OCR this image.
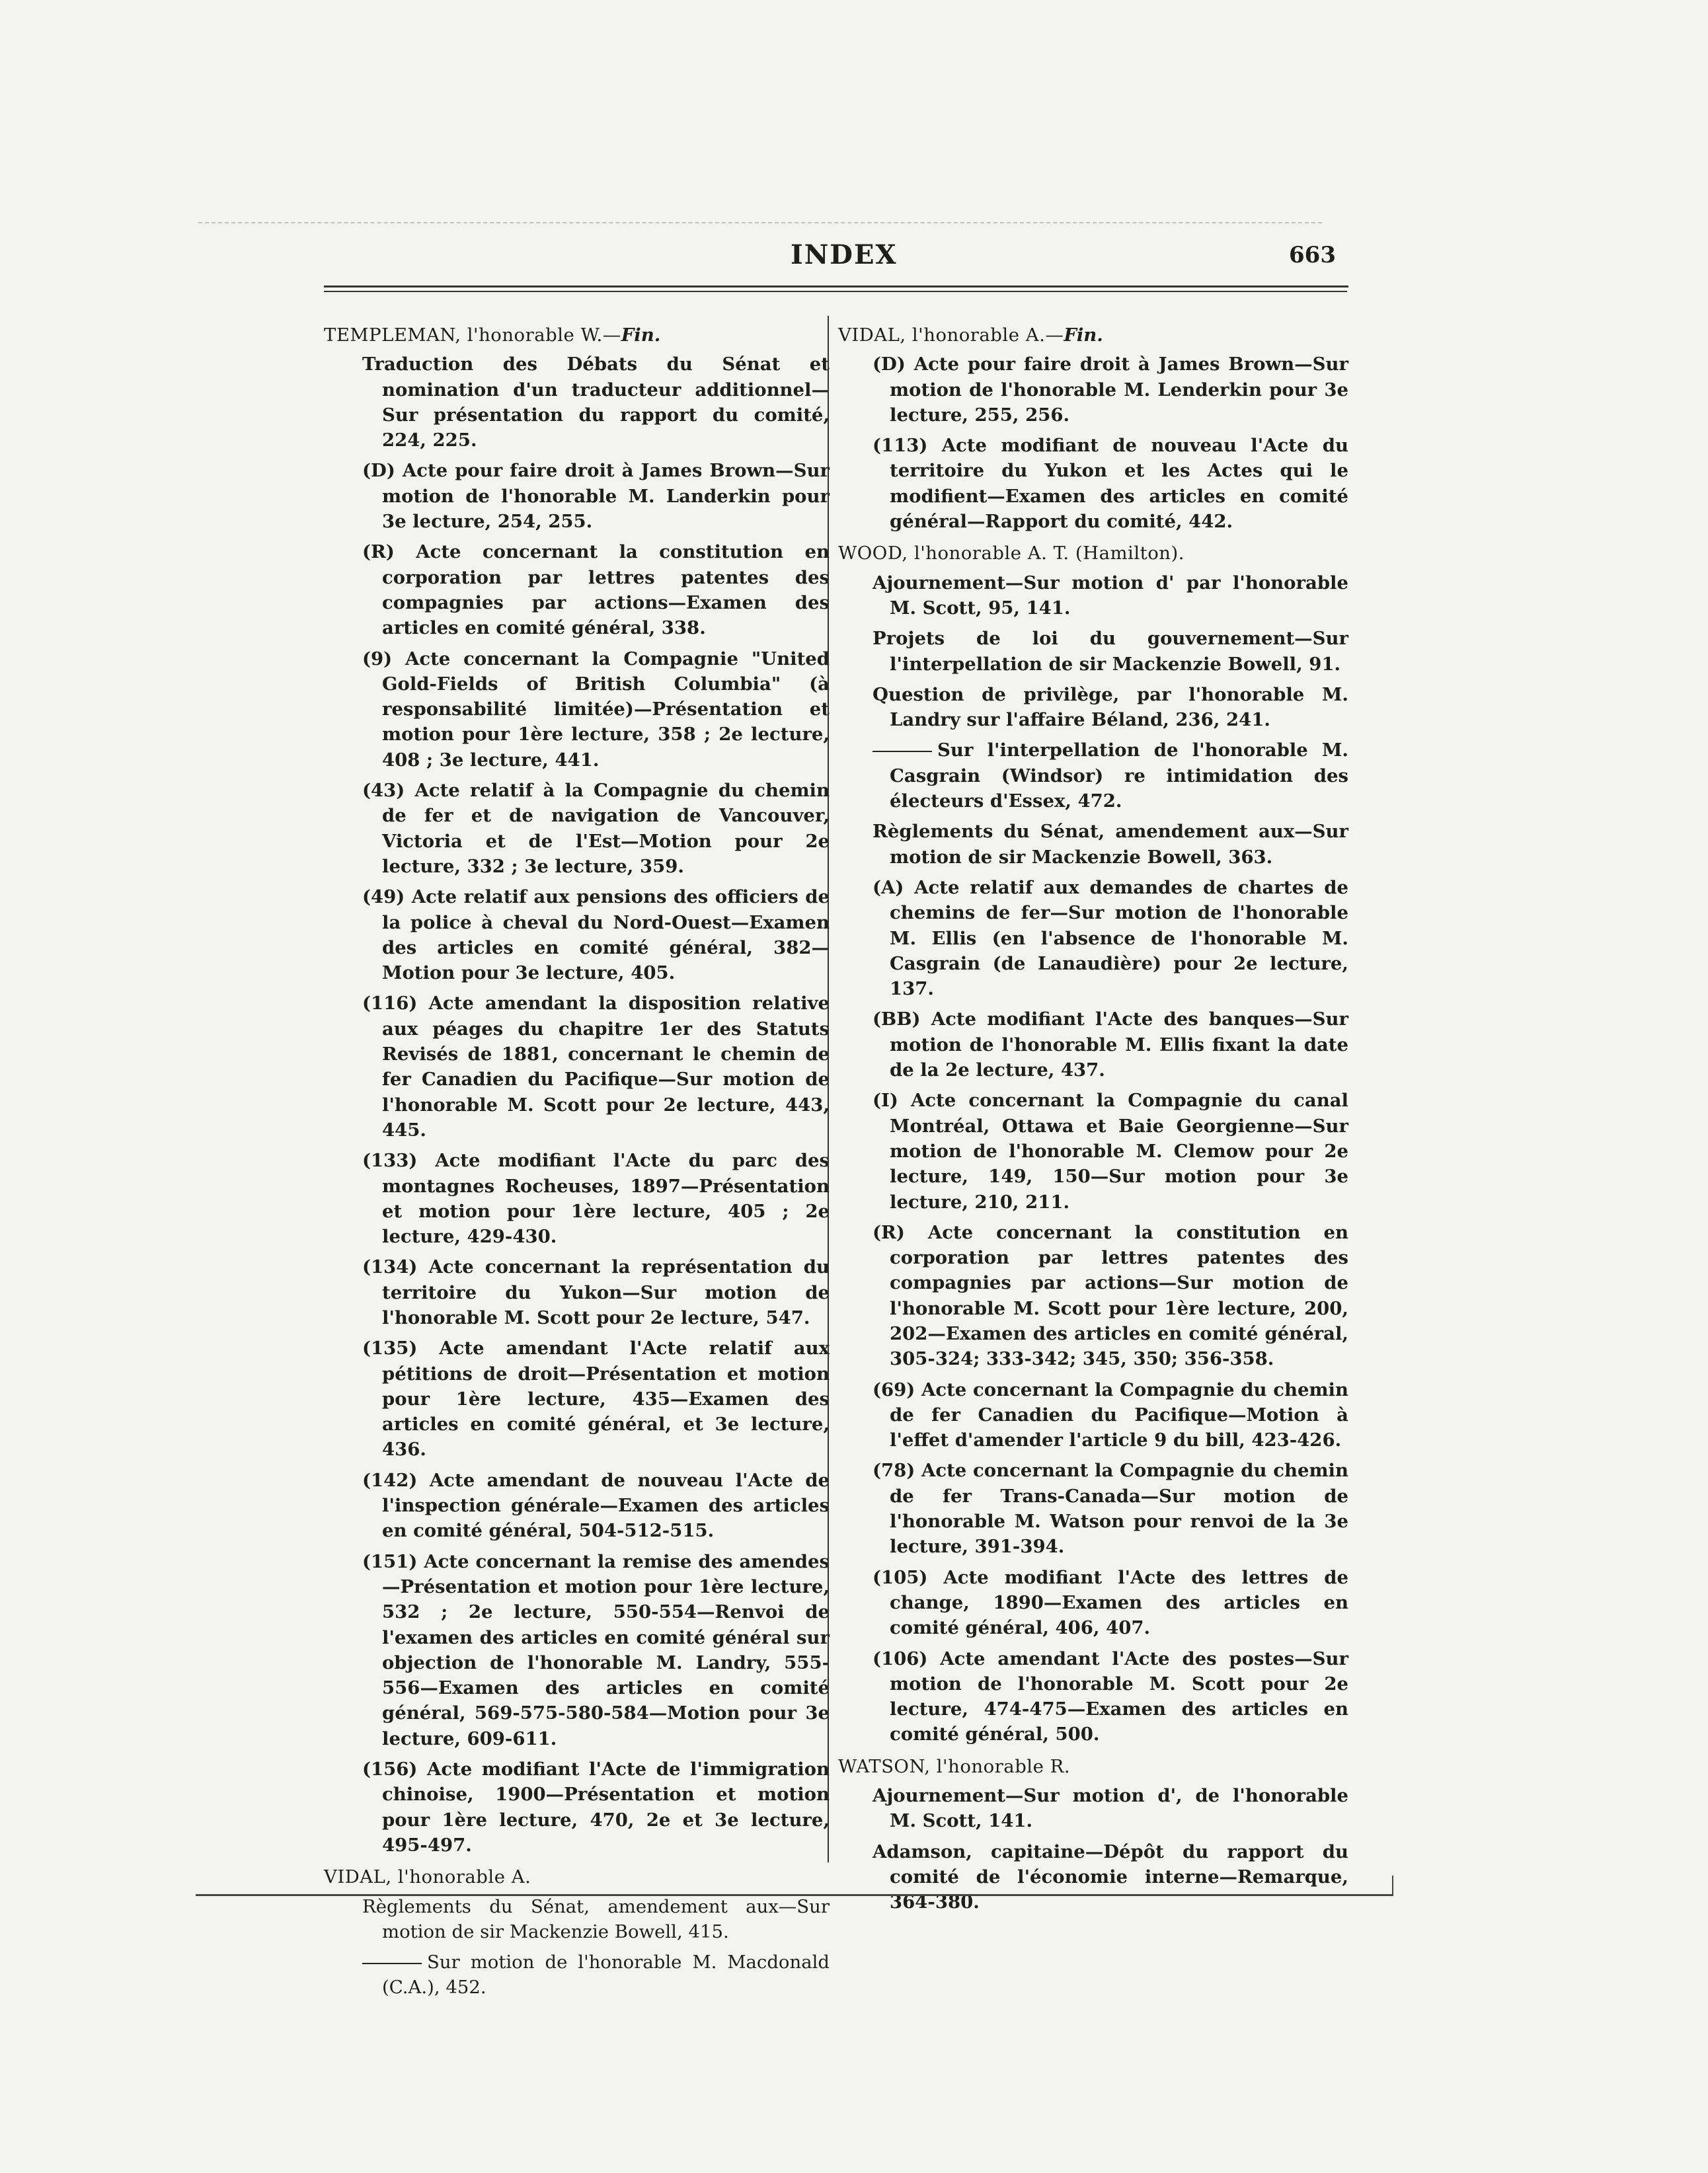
INDEX	663
TEMPLEMAN, l'honorable W.—Fin.
Traduction des Débats du Sénat et nomination d'un traducteur additionnel—Sur présentation du rapport du comité, 224, 225.
(D) Acte pour faire droit à James Brown—Sur motion de l'honorable M. Landerkin pour 3e lecture, 254, 255.
(R) Acte concernant la constitution en corporation par lettres patentes des compagnies par actions—Examen des articles en comité général, 338.
(9) Acte concernant la Compagnie "United Gold-Fields of British Columbia" (à responsabilité limitée)—Présentation et motion pour 1ère lecture, 358 ; 2e lecture, 408 ; 3e lecture, 441.
(43) Acte relatif à la Compagnie du chemin de fer et de navigation de Vancouver, Victoria et de l'Est—Motion pour 2e lecture, 332 ; 3e lecture, 359.
(49) Acte relatif aux pensions des officiers de la police à cheval du Nord-Ouest—Examen des articles en comité général, 382—Motion pour 3e lecture, 405.
(116) Acte amendant la disposition relative aux péages du chapitre 1er des Statuts Revisés de 1881, concernant le chemin de fer Canadien du Pacifique—Sur motion de l'honorable M. Scott pour 2e lecture, 443, 445.
(133) Acte modifiant l'Acte du parc des montagnes Rocheuses, 1897—Présentation et motion pour 1ère lecture, 405 ; 2e lecture, 429-430.
(134) Acte concernant la représentation du territoire du Yukon—Sur motion de l'honorable M. Scott pour 2e lecture, 547.
(135) Acte amendant l'Acte relatif aux pétitions de droit—Présentation et motion pour 1ère lecture, 435—Examen des articles en comité général, et 3e lecture, 436.
(142) Acte amendant de nouveau l'Acte de l'inspection générale—Examen des articles en comité général, 504-512-515.
(151) Acte concernant la remise des amendes—Présentation et motion pour 1ère lecture, 532 ; 2e lecture, 550-554—Renvoi de l'examen des articles en comité général sur objection de l'honorable M. Landry, 555-556—Examen des articles en comité général, 569-575-580-584—Motion pour 3e lecture, 609-611.
(156) Acte modifiant l'Acte de l'immigration chinoise, 1900—Présentation et motion pour 1ère lecture, 470, 2e et 3e lecture, 495-497.
VIDAL, l'honorable A.
Règlements du Sénat, amendement aux—Sur motion de sir Mackenzie Bowell, 415.
Sur motion de l'honorable M. Macdonald (C.A.), 452.
VIDAL, l'honorable A.—Fin.
(D) Acte pour faire droit à James Brown—Sur motion de l'honorable M. Lenderkin pour 3e lecture, 255, 256.
(113) Acte modifiant de nouveau l'Acte du territoire du Yukon et les Actes qui le modifient—Examen des articles en comité général—Rapport du comité, 442.
WOOD, l'honorable A. T. (Hamilton).
Ajournement—Sur motion d' par l'honorable M. Scott, 95, 141.
Projets de loi du gouvernement—Sur l'interpellation de sir Mackenzie Bowell, 91.
Question de privilège, par l'honorable M. Landry sur l'affaire Béland, 236, 241.
Sur l'interpellation de l'honorable M. Casgrain (Windsor) re intimidation des électeurs d'Essex, 472.
Règlements du Sénat, amendement aux—Sur motion de sir Mackenzie Bowell, 363.
(A) Acte relatif aux demandes de chartes de chemins de fer—Sur motion de l'honorable M. Ellis (en l'absence de l'honorable M. Casgrain (de Lanaudière) pour 2e lecture, 137.
(BB) Acte modifiant l'Acte des banques—Sur motion de l'honorable M. Ellis fixant la date de la 2e lecture, 437.
(I) Acte concernant la Compagnie du canal Montréal, Ottawa et Baie Georgienne—Sur motion de l'honorable M. Clemow pour 2e lecture, 149, 150—Sur motion pour 3e lecture, 210, 211.
(R) Acte concernant la constitution en corporation par lettres patentes des compagnies par actions—Sur motion de l'honorable M. Scott pour 1ère lecture, 200, 202—Examen des articles en comité général, 305-324; 333-342; 345, 350; 356-358.
(69) Acte concernant la Compagnie du chemin de fer Canadien du Pacifique—Motion à l'effet d'amender l'article 9 du bill, 423-426.
(78) Acte concernant la Compagnie du chemin de fer Trans-Canada—Sur motion de l'honorable M. Watson pour renvoi de la 3e lecture, 391-394.
(105) Acte modifiant l'Acte des lettres de change, 1890—Examen des articles en comité général, 406, 407.
(106) Acte amendant l'Acte des postes—Sur motion de l'honorable M. Scott pour 2e lecture, 474-475—Examen des articles en comité général, 500.
WATSON, l'honorable R.
Ajournement—Sur motion d', de l'honorable M. Scott, 141.
Adamson, capitaine—Dépôt du rapport du comité de l'économie interne—Remarque, 364-380.
